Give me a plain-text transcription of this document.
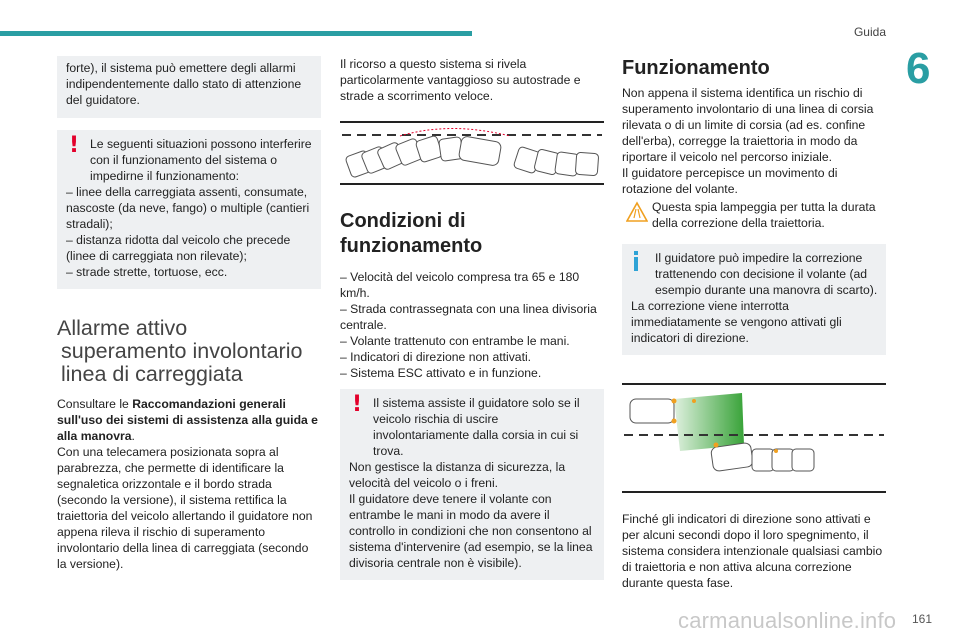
Guida
6

forte), il sistema può emettere degli allarmi indipendentemente dallo stato di attenzione del guidatore.

! Le seguenti situazioni possono interferire con il funzionamento del sistema o impedirne il funzionamento:

– linee della carreggiata assenti, consumate, nascoste (da neve, fango) o multiple (cantieri stradali);

– distanza ridotta dal veicolo che precede (linee di carreggiata non rilevate);

– strade strette, tortuose, ecc.

Allarme attivo
superamento involontario
linea di carreggiata

Consultare le Raccomandazioni generali sull'uso dei sistemi di assistenza alla guida e alla manovra.

Con una telecamera posizionata sopra al parabrezza, che permette di identificare la segnaletica orizzontale e il bordo strada (secondo la versione), il sistema rettifica la traiettoria del veicolo allertando il guidatore non appena rileva il rischio di superamento involontario della linea di carreggiata (secondo la versione).

Il ricorso a questo sistema si rivela particolarmente vantaggioso su autostrade e strade a scorrimento veloce.

Condizioni di funzionamento

– Velocità del veicolo compresa tra 65 e 180 km/h.

– Strada contrassegnata con una linea divisoria centrale.

– Volante trattenuto con entrambe le mani.

– Indicatori di direzione non attivati.

– Sistema ESC attivato e in funzione.

! Il sistema assiste il guidatore solo se il veicolo rischia di uscire involontariamente dalla corsia in cui si trova.

Non gestisce la distanza di sicurezza, la velocità del veicolo o i freni.

Il guidatore deve tenere il volante con entrambe le mani in modo da avere il controllo in condizioni che non consentono al sistema d'intervenire (ad esempio, se la linea divisoria centrale non è visibile).

Funzionamento

Non appena il sistema identifica un rischio di superamento involontario di una linea di corsia rilevata o di un limite di corsia (ad es. confine dell'erba), corregge la traiettoria in modo da riportare il veicolo nel percorso iniziale.

Il guidatore percepisce un movimento di rotazione del volante.

Questa spia lampeggia per tutta la durata della correzione della traiettoria.

Il guidatore può impedire la correzione trattenendo con decisione il volante (ad esempio durante una manovra di scarto).

La correzione viene interrotta immediatamente se vengono attivati gli indicatori di direzione.

Finché gli indicatori di direzione sono attivati e per alcuni secondi dopo il loro spegnimento, il sistema considera intenzionale qualsiasi cambio di traiettoria e non attiva alcuna correzione durante questa fase.

carmanualsonline.info 161
